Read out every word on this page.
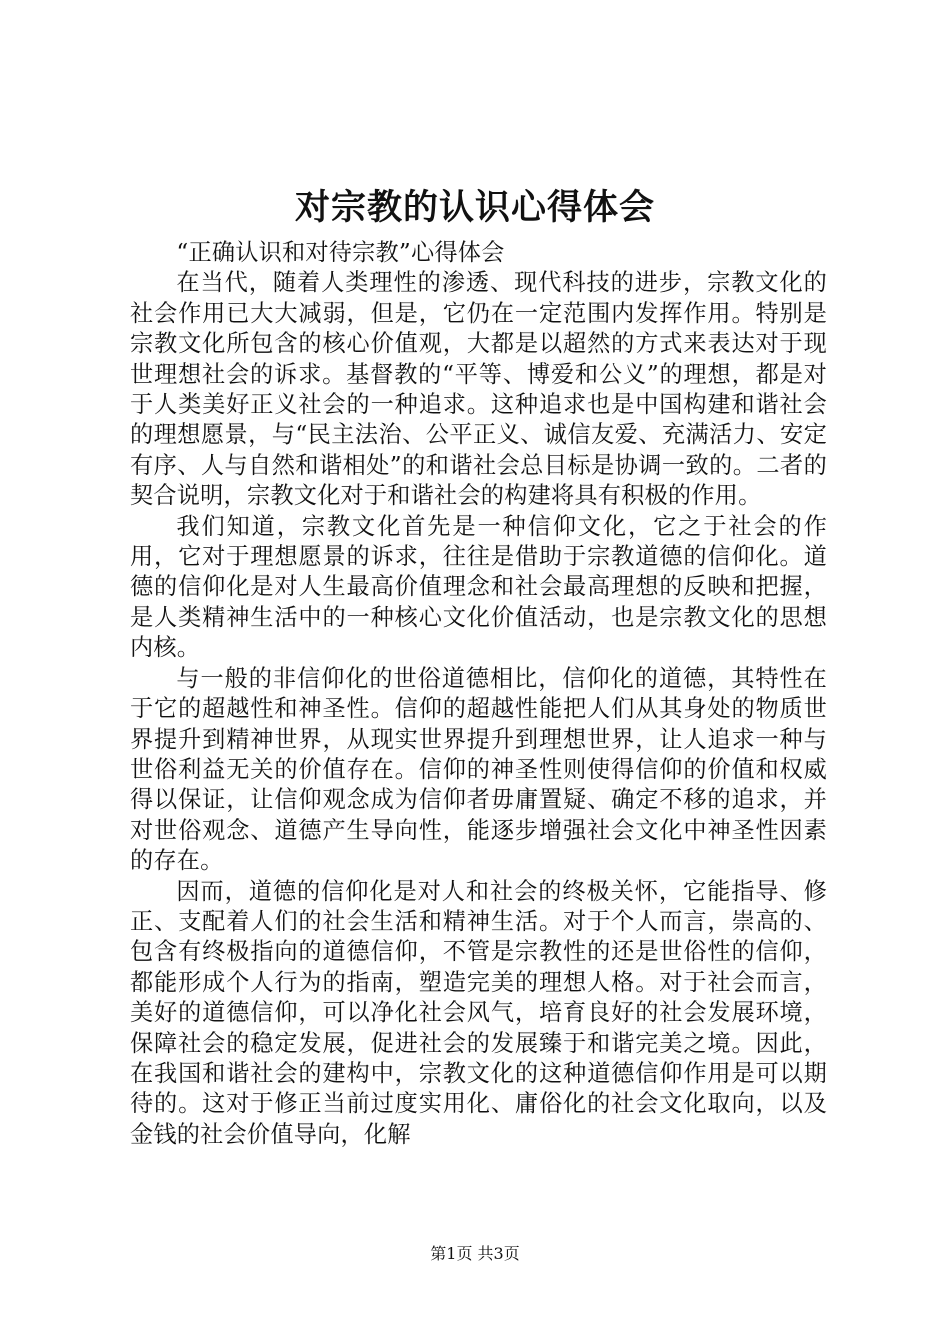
对宗教的认识心得体会

“正确认识和对待宗教”心得体会

在当代，随着人类理性的渗透、现代科技的进步，宗教文化的社会作用已大大减弱，但是，它仍在一定范围内发挥作用。特别是宗教文化所包含的核心价值观，大都是以超然的方式来表达对于现世理想社会的诉求。基督教的“平等、博爱和公义”的理想，都是对于人类美好正义社会的一种追求。这种追求也是中国构建和谐社会的理想愿景，与“民主法治、公平正义、诚信友爱、充满活力、安定有序、人与自然和谐相处”的和谐社会总目标是协调一致的。二者的契合说明，宗教文化对于和谐社会的构建将具有积极的作用。

我们知道，宗教文化首先是一种信仰文化，它之于社会的作用，它对于理想愿景的诉求，往往是借助于宗教道德的信仰化。道德的信仰化是对人生最高价值理念和社会最高理想的反映和把握，是人类精神生活中的一种核心文化价值活动，也是宗教文化的思想内核。

与一般的非信仰化的世俗道德相比，信仰化的道德，其特性在于它的超越性和神圣性。信仰的超越性能把人们从其身处的物质世界提升到精神世界，从现实世界提升到理想世界，让人追求一种与世俗利益无关的价值存在。信仰的神圣性则使得信仰的价值和权威得以保证，让信仰观念成为信仰者毋庸置疑、确定不移的追求，并对世俗观念、道德产生导向性，能逐步增强社会文化中神圣性因素的存在。

因而，道德的信仰化是对人和社会的终极关怀，它能指导、修正、支配着人们的社会生活和精神生活。对于个人而言，崇高的、包含有终极指向的道德信仰，不管是宗教性的还是世俗性的信仰，都能形成个人行为的指南，塑造完美的理想人格。对于社会而言，美好的道德信仰，可以净化社会风气，培育良好的社会发展环境，保障社会的稳定发展，促进社会的发展臻于和谐完美之境。因此，在我国和谐社会的建构中，宗教文化的这种道德信仰作用是可以期待的。这对于修正当前过度实用化、庸俗化的社会文化取向，以及金钱的社会价值导向，化解

第1页 共3页
